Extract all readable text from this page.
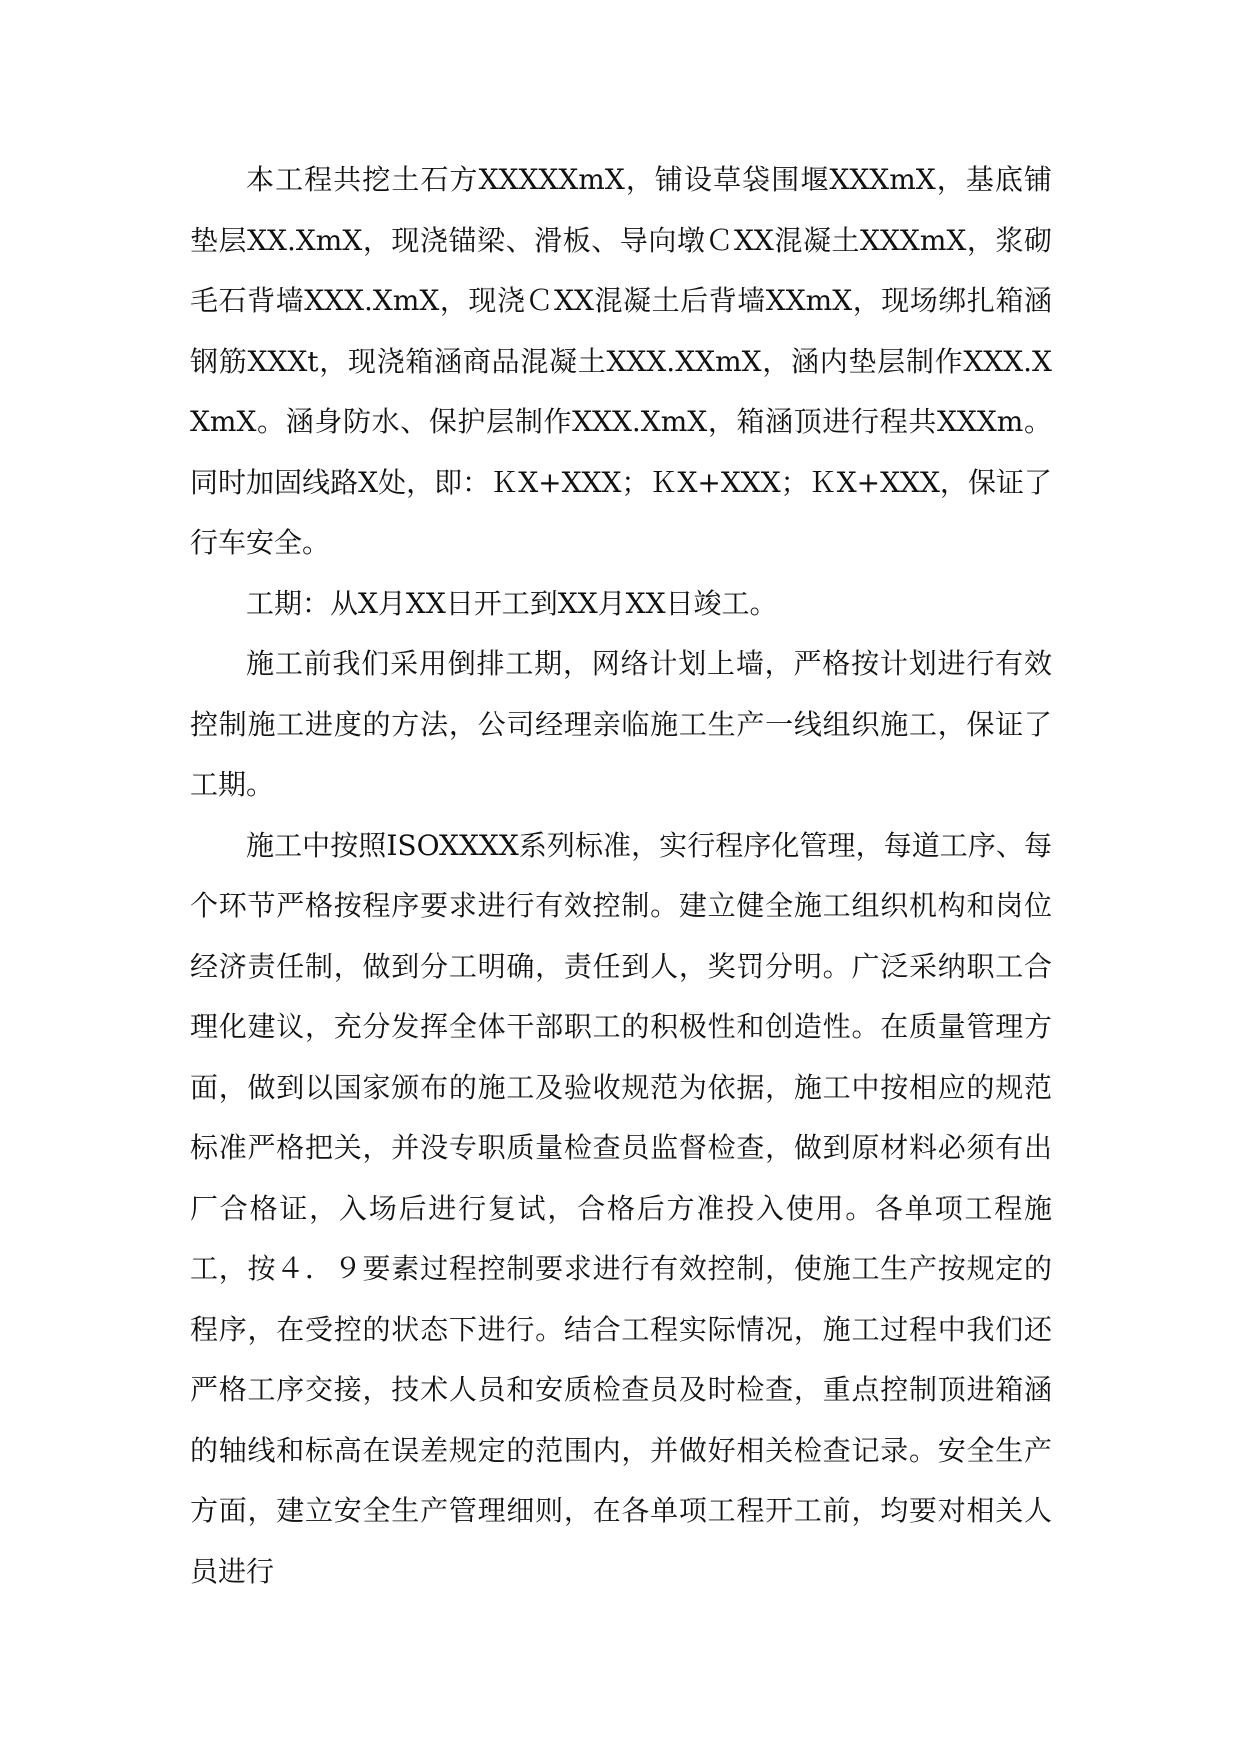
本工程共挖土石方XXXXXmX，铺设草袋围堰XXXmX，基底铺垫层XX.XmX，现浇锚梁、滑板、导向墩ＣXX混凝土XXXmX，浆砌毛石背墙XXX.XmX，现浇ＣXX混凝土后背墙XXmX，现场绑扎箱涵钢筋XXXt，现浇箱涵商品混凝土XXX.XXmX，涵内垫层制作XXX.XXmX。涵身防水、保护层制作XXX.XmX，箱涵顶进行程共XXXm。同时加固线路X处，即：ＫX+XXX；ＫX+XXX；ＫX+XXX，保证了行车安全。

工期：从X月XX日开工到XX月XX日竣工。

施工前我们采用倒排工期，网络计划上墙，严格按计划进行有效控制施工进度的方法，公司经理亲临施工生产一线组织施工，保证了工期。

施工中按照ISOXXXX系列标准，实行程序化管理，每道工序、每个环节严格按程序要求进行有效控制。建立健全施工组织机构和岗位经济责任制，做到分工明确，责任到人，奖罚分明。广泛采纳职工合理化建议，充分发挥全体干部职工的积极性和创造性。在质量管理方面，做到以国家颁布的施工及验收规范为依据，施工中按相应的规范标准严格把关，并没专职质量检查员监督检查，做到原材料必须有出厂合格证，入场后进行复试，合格后方准投入使用。各单项工程施工，按４．９要素过程控制要求进行有效控制，使施工生产按规定的程序，在受控的状态下进行。结合工程实际情况，施工过程中我们还严格工序交接，技术人员和安质检查员及时检查，重点控制顶进箱涵的轴线和标高在误差规定的范围内，并做好相关检查记录。安全生产方面，建立安全生产管理细则，在各单项工程开工前，均要对相关人员进行
